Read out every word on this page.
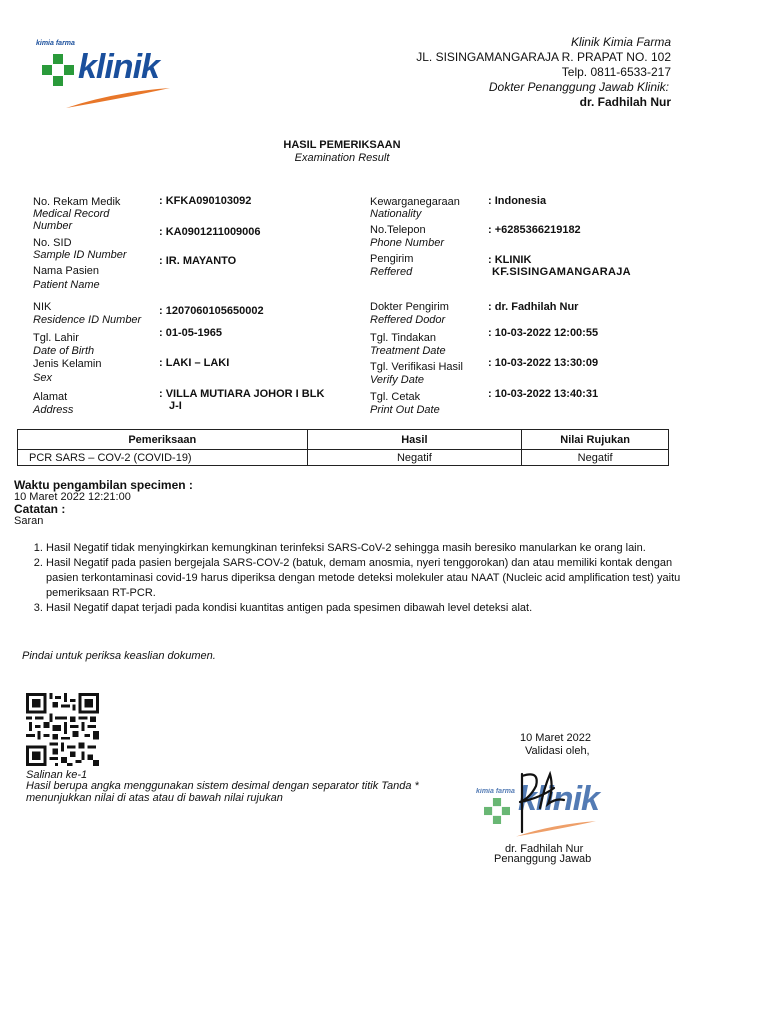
kimia farma
klinik
Klinik Kimia Farma
JL. SISINGAMANGARAJA R. PRAPAT NO. 102
Telp. 0811-6533-217
Dokter Penanggung Jawab Klinik:
dr. Fadhilah Nur
HASIL PEMERIKSAAN
Examination Result
No. Rekam Medik
Medical Record
Number
: KFKA090103092
No. SID
Sample ID Number
: KA0901211009006
Nama Pasien
Patient Name
: IR. MAYANTO
NIK
Residence ID Number
: 1207060105650002
Tgl. Lahir
Date of Birth
: 01-05-1965
Jenis Kelamin
Sex
: LAKI – LAKI
Alamat
Address
: VILLA MUTIARA JOHOR I BLK
J-I
Kewarganegaraan
Nationality
: Indonesia
No.Telepon
Phone Number
: +6285366219182
Pengirim
Reffered
: KLINIK
KF.SISINGAMANGARAJA
Dokter Pengirim
Reffered Dodor
: dr. Fadhilah Nur
Tgl. Tindakan
Treatment Date
: 10-03-2022 12:00:55
Tgl. Verifikasi Hasil
Verify Date
: 10-03-2022 13:30:09
Tgl. Cetak
Print Out Date
: 10-03-2022 13:40:31
Pemeriksaan	Hasil	Nilai Rujukan
PCR SARS – COV-2 (COVID-19)	Negatif	Negatif
Waktu pengambilan specimen :
10 Maret 2022 12:21:00
Catatan :
Saran
1. Hasil Negatif tidak menyingkirkan kemungkinan terinfeksi SARS-CoV-2 sehingga masih beresiko manularkan ke orang lain.
2. Hasil Negatif pada pasien bergejala SARS-COV-2 (batuk, demam anosmia, nyeri tenggorokan) dan atau memiliki kontak dengan pasien terkontaminasi covid-19 harus diperiksa dengan metode deteksi molekuler atau NAAT (Nucleic acid amplification test) yaitu pemeriksaan RT-PCR.
3. Hasil Negatif dapat terjadi pada kondisi kuantitas antigen pada spesimen dibawah level deteksi alat.
Pindai untuk periksa keaslian dokumen.
Salinan ke-1
Hasil berupa angka menggunakan sistem desimal dengan separator titik Tanda *
menunjukkan nilai di atas atau di bawah nilai rujukan
10 Maret 2022
Validasi oleh,
kimia farma klinik
dr. Fadhilah Nur
Penanggung Jawab
